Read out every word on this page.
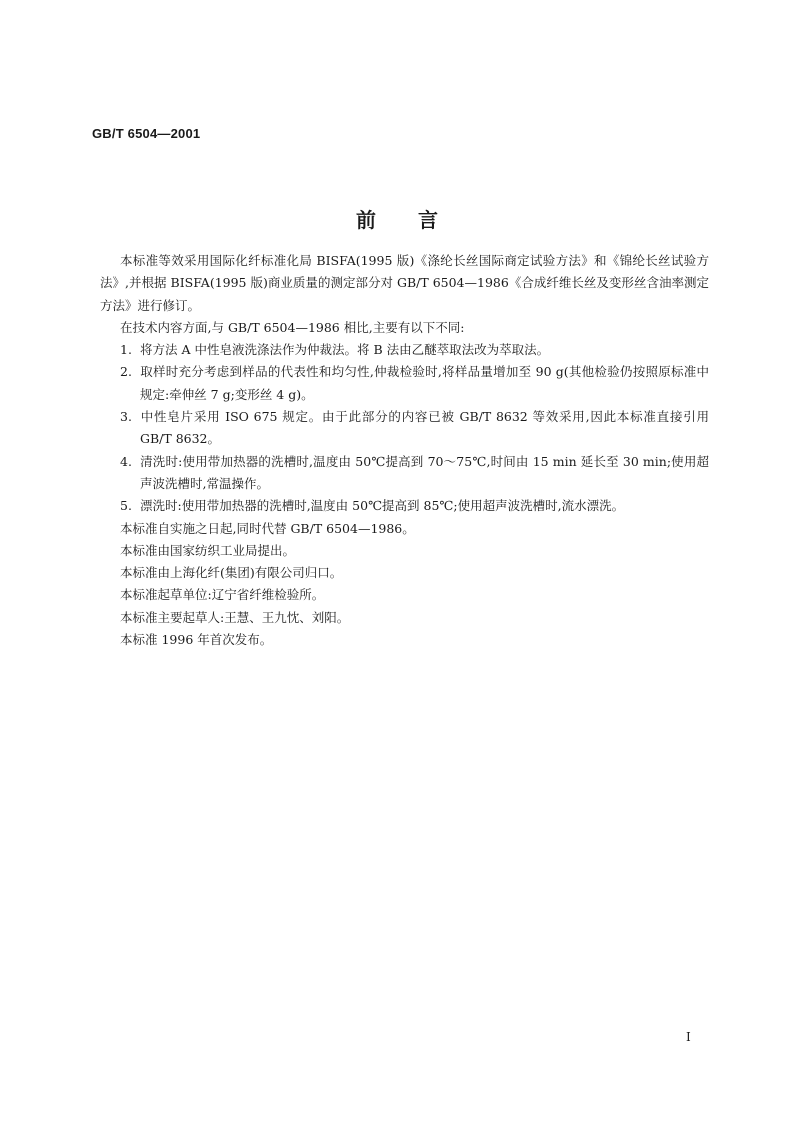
GB/T 6504—2001
前言

本标准等效采用国际化纤标准化局 BISFA(1995 版)《涤纶长丝国际商定试验方法》和《锦纶长丝试验方法》,并根据 BISFA(1995 版)商业质量的测定部分对 GB/T 6504—1986《合成纤维长丝及变形丝含油率测定方法》进行修订。

在技术内容方面,与 GB/T 6504—1986 相比,主要有以下不同:

1. 将方法 A 中性皂液洗涤法作为仲裁法。将 B 法由乙醚萃取法改为萃取法。

2. 取样时充分考虑到样品的代表性和均匀性,仲裁检验时,将样品量增加至 90 g(其他检验仍按照原标准中规定:牵伸丝 7 g;变形丝 4 g)。

3. 中性皂片采用 ISO 675 规定。由于此部分的内容已被 GB/T 8632 等效采用,因此本标准直接引用 GB/T 8632。

4. 清洗时:使用带加热器的洗槽时,温度由 50℃提高到 70～75℃,时间由 15 min 延长至 30 min;使用超声波洗槽时,常温操作。

5. 漂洗时:使用带加热器的洗槽时,温度由 50℃提高到 85℃;使用超声波洗槽时,流水漂洗。

本标准自实施之日起,同时代替 GB/T 6504—1986。

本标准由国家纺织工业局提出。

本标准由上海化纤(集团)有限公司归口。

本标准起草单位:辽宁省纤维检验所。

本标准主要起草人:王慧、王九忱、刘阳。

本标准 1996 年首次发布。

I
